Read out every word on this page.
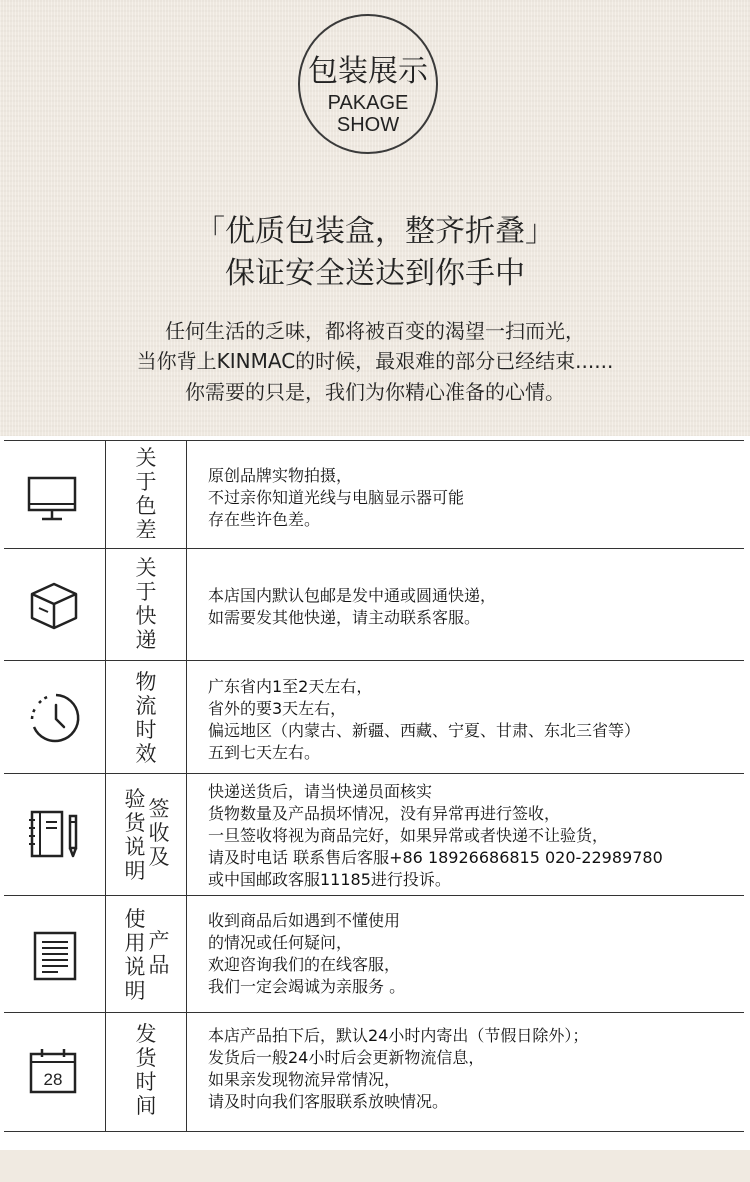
包装展示
PAKAGE
SHOW
「优质包装盒，整齐折叠」
保证安全送达到你手中
任何生活的乏味，都将被百变的渴望一扫而光，
当你背上KINMAC的时候，最艰难的部分已经结束......
你需要的只是，我们为你精心准备的心情。
关
于
色
差
原创品牌实物拍摄，
不过亲你知道光线与电脑显示器可能
存在些许色差。
关
于
快
递
本店国内默认包邮是发中通或圆通快递，
如需要发其他快递，请主动联系客服。
物
流
时
效
广东省内1至2天左右，
省外的要3天左右，
偏远地区（内蒙古、新疆、西藏、宁夏、甘肃、东北三省等）
五到七天左右。
验
货
说
明
签
收
及
快递送货后，请当快递员面核实
货物数量及产品损坏情况，没有异常再进行签收，
一旦签收将视为商品完好，如果异常或者快递不让验货，
请及时电话 联系售后客服+86 18926686815 020-22989780
或中国邮政客服11185进行投诉。
使
用
说
明
产
品
收到商品后如遇到不懂使用
的情况或任何疑问，
欢迎咨询我们的在线客服，
我们一定会竭诚为亲服务 。
28
发
货
时
间
本店产品拍下后，默认24小时内寄出（节假日除外）；
发货后一般24小时后会更新物流信息，
如果亲发现物流异常情况，
请及时向我们客服联系放映情况。
